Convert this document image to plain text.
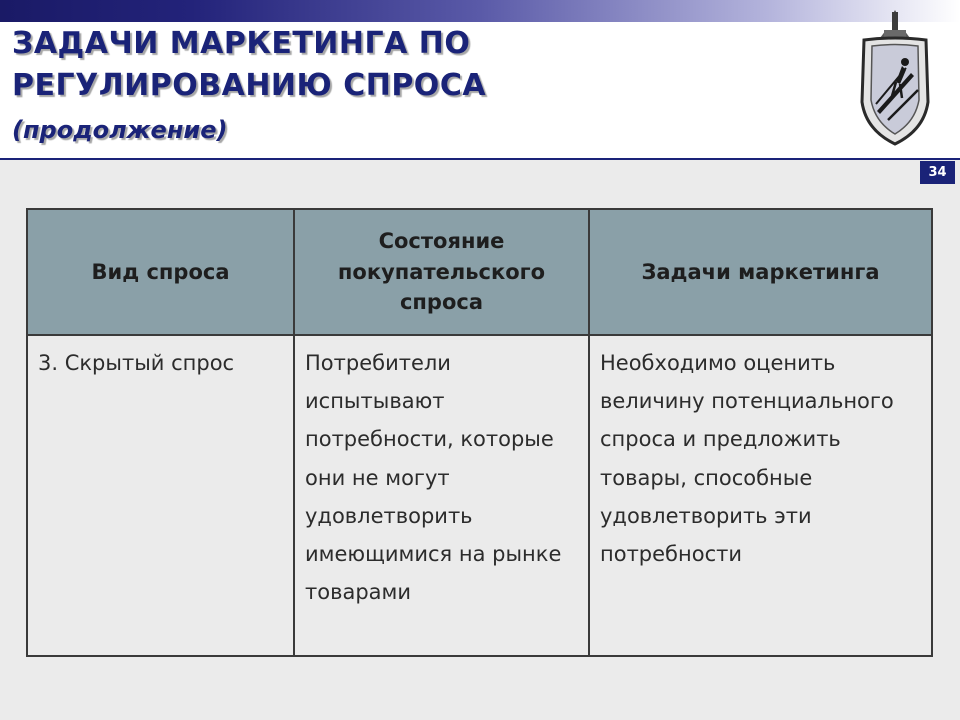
ЗАДАЧИ МАРКЕТИНГА ПО
РЕГУЛИРОВАНИЮ СПРОСА
(продолжение)
34
Вид спроса	Состояние покупательского спроса	Задачи маркетинга
3. Скрытый спрос	Потребители испытывают потребности, которые они не могут удовлетворить имеющимися на рынке товарами	Необходимо оценить величину потенциального спроса и предложить товары, способные удовлетворить эти потребности
